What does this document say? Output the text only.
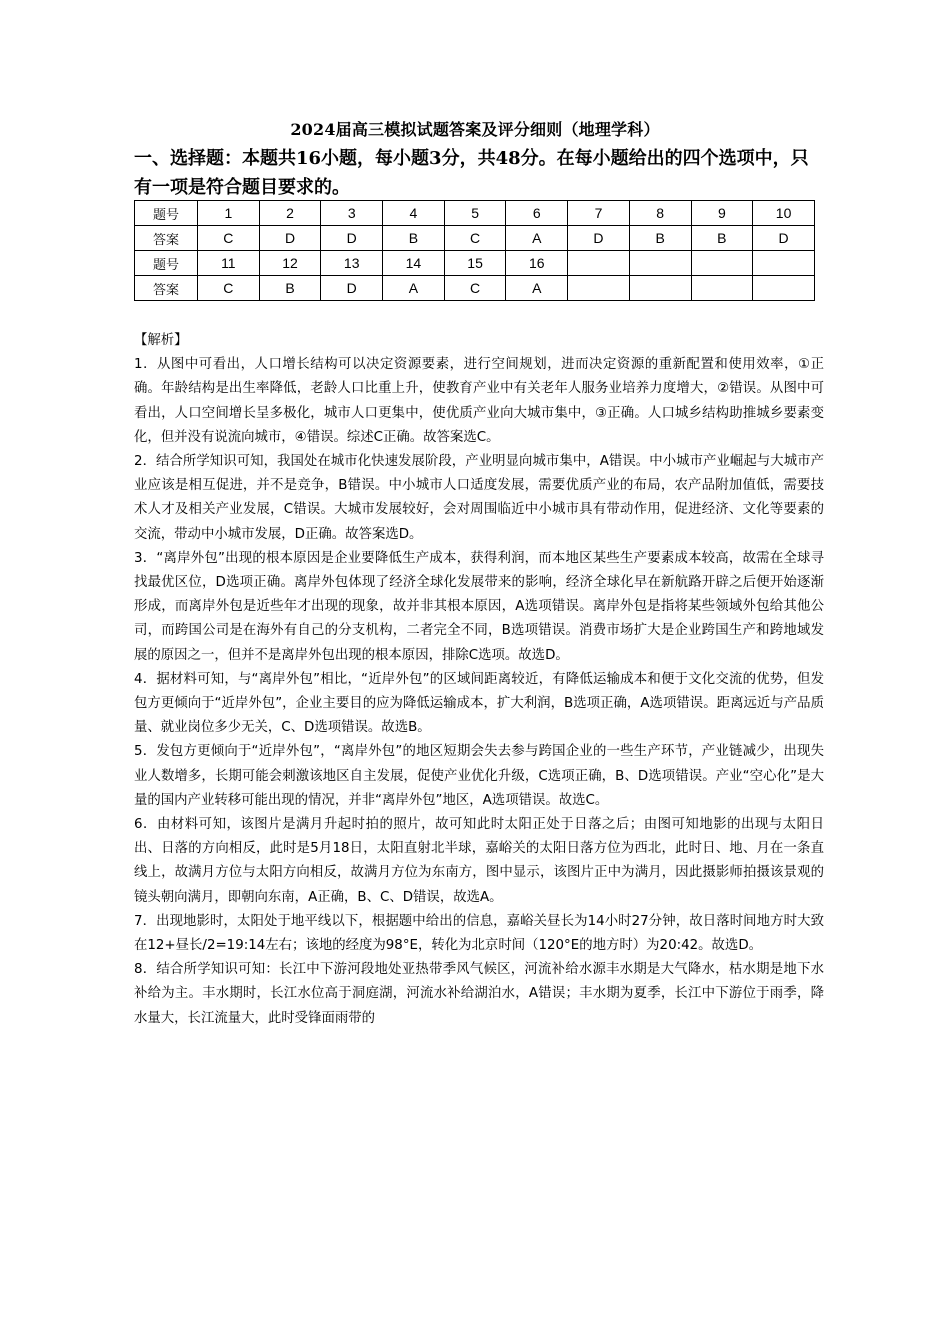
2024届高三模拟试题答案及评分细则（地理学科）
一、选择题：本题共16小题，每小题3分，共48分。在每小题给出的四个选项中，只有一项是符合题目要求的。
题号	1	2	3	4	5	6	7	8	9	10
答案	C	D	D	B	C	A	D	B	B	D
题号	11	12	13	14	15	16				
答案	C	B	D	A	C	A				

【解析】

1．从图中可看出，人口增长结构可以决定资源要素，进行空间规划，进而决定资源的重新配置和使用效率，①正确。年龄结构是出生率降低，老龄人口比重上升，使教育产业中有关老年人服务业培养力度增大，②错误。从图中可看出，人口空间增长呈多极化，城市人口更集中，使优质产业向大城市集中，③正确。人口城乡结构助推城乡要素变化，但并没有说流向城市，④错误。综述C正确。故答案选C。

2．结合所学知识可知，我国处在城市化快速发展阶段，产业明显向城市集中，A错误。中小城市产业崛起与大城市产业应该是相互促进，并不是竞争，B错误。中小城市人口适度发展，需要优质产业的布局，农产品附加值低，需要技术人才及相关产业发展，C错误。大城市发展较好，会对周围临近中小城市具有带动作用，促进经济、文化等要素的交流，带动中小城市发展，D正确。故答案选D。

3．“离岸外包”出现的根本原因是企业要降低生产成本，获得利润，而本地区某些生产要素成本较高，故需在全球寻找最优区位，D选项正确。离岸外包体现了经济全球化发展带来的影响，经济全球化早在新航路开辟之后便开始逐渐形成，而离岸外包是近些年才出现的现象，故并非其根本原因，A选项错误。离岸外包是指将某些领域外包给其他公司，而跨国公司是在海外有自己的分支机构，二者完全不同，B选项错误。消费市场扩大是企业跨国生产和跨地域发展的原因之一，但并不是离岸外包出现的根本原因，排除C选项。故选D。

4．据材料可知，与“离岸外包”相比，“近岸外包”的区域间距离较近，有降低运输成本和便于文化交流的优势，但发包方更倾向于“近岸外包”，企业主要目的应为降低运输成本，扩大利润，B选项正确，A选项错误。距离远近与产品质量、就业岗位多少无关，C、D选项错误。故选B。

5．发包方更倾向于“近岸外包”，“离岸外包”的地区短期会失去参与跨国企业的一些生产环节，产业链减少，出现失业人数增多，长期可能会刺激该地区自主发展，促使产业优化升级，C选项正确，B、D选项错误。产业“空心化”是大量的国内产业转移可能出现的情况，并非“离岸外包”地区，A选项错误。故选C。

6．由材料可知，该图片是满月升起时拍的照片，故可知此时太阳正处于日落之后；由图可知地影的出现与太阳日出、日落的方向相反，此时是5月18日，太阳直射北半球，嘉峪关的太阳日落方位为西北，此时日、地、月在一条直线上，故满月方位与太阳方向相反，故满月方位为东南方，图中显示，该图片正中为满月，因此摄影师拍摄该景观的镜头朝向满月，即朝向东南，A正确，B、C、D错误，故选A。

7．出现地影时，太阳处于地平线以下，根据题中给出的信息，嘉峪关昼长为14小时27分钟，故日落时间地方时大致在12+昼长/2=19:14左右；该地的经度为98°E，转化为北京时间（120°E的地方时）为20:42。故选D。

8．结合所学知识可知：长江中下游河段地处亚热带季风气候区，河流补给水源丰水期是大气降水，枯水期是地下水补给为主。丰水期时，长江水位高于洞庭湖，河流水补给湖泊水，A错误；丰水期为夏季，长江中下游位于雨季，降水量大，长江流量大，此时受锋面雨带的
